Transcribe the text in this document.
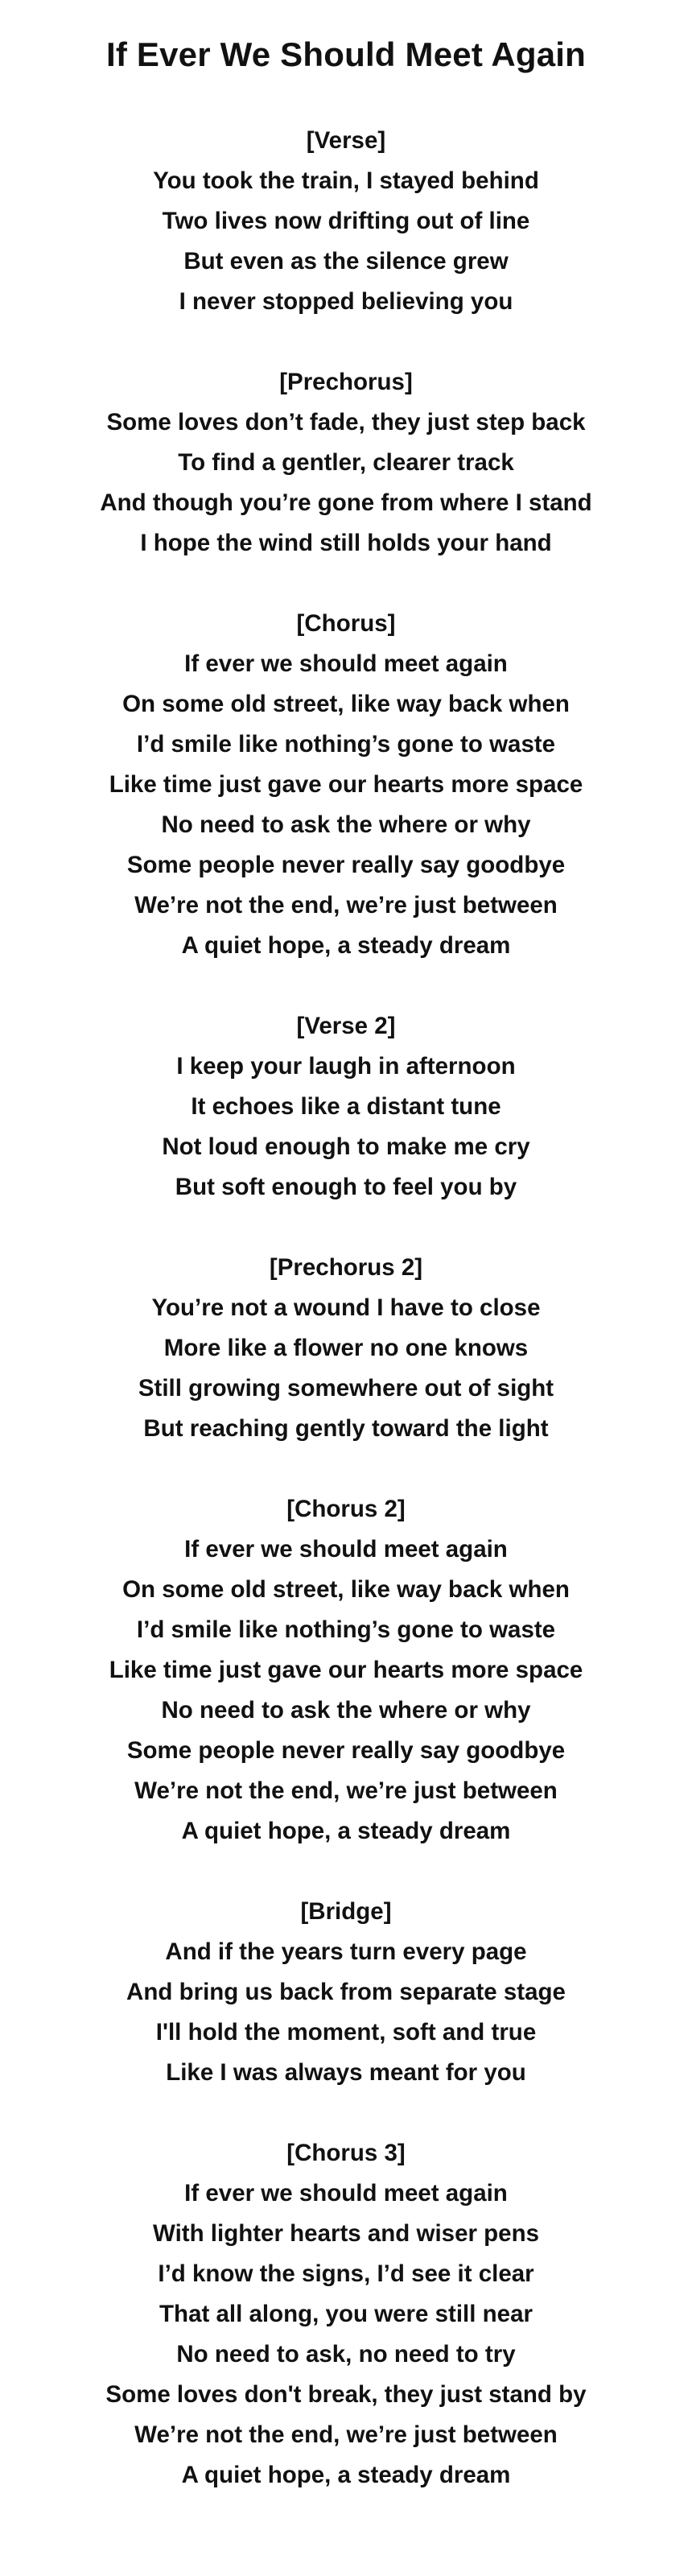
If Ever We Should Meet Again
[Verse]
You took the train, I stayed behind
Two lives now drifting out of line
But even as the silence grew
I never stopped believing you
[Prechorus]
Some loves don’t fade, they just step back
To find a gentler, clearer track
And though you’re gone from where I stand
I hope the wind still holds your hand
[Chorus]
If ever we should meet again
On some old street, like way back when
I’d smile like nothing’s gone to waste
Like time just gave our hearts more space
No need to ask the where or why
Some people never really say goodbye
We’re not the end, we’re just between
A quiet hope, a steady dream
[Verse 2]
I keep your laugh in afternoon
It echoes like a distant tune
Not loud enough to make me cry
But soft enough to feel you by
[Prechorus 2]
You’re not a wound I have to close
More like a flower no one knows
Still growing somewhere out of sight
But reaching gently toward the light
[Chorus 2]
If ever we should meet again
On some old street, like way back when
I’d smile like nothing’s gone to waste
Like time just gave our hearts more space
No need to ask the where or why
Some people never really say goodbye
We’re not the end, we’re just between
A quiet hope, a steady dream
[Bridge]
And if the years turn every page
And bring us back from separate stage
I'll hold the moment, soft and true
Like I was always meant for you
[Chorus 3]
If ever we should meet again
With lighter hearts and wiser pens
I’d know the signs, I’d see it clear
That all along, you were still near
No need to ask, no need to try
Some loves don't break, they just stand by
We’re not the end, we’re just between
A quiet hope, a steady dream
